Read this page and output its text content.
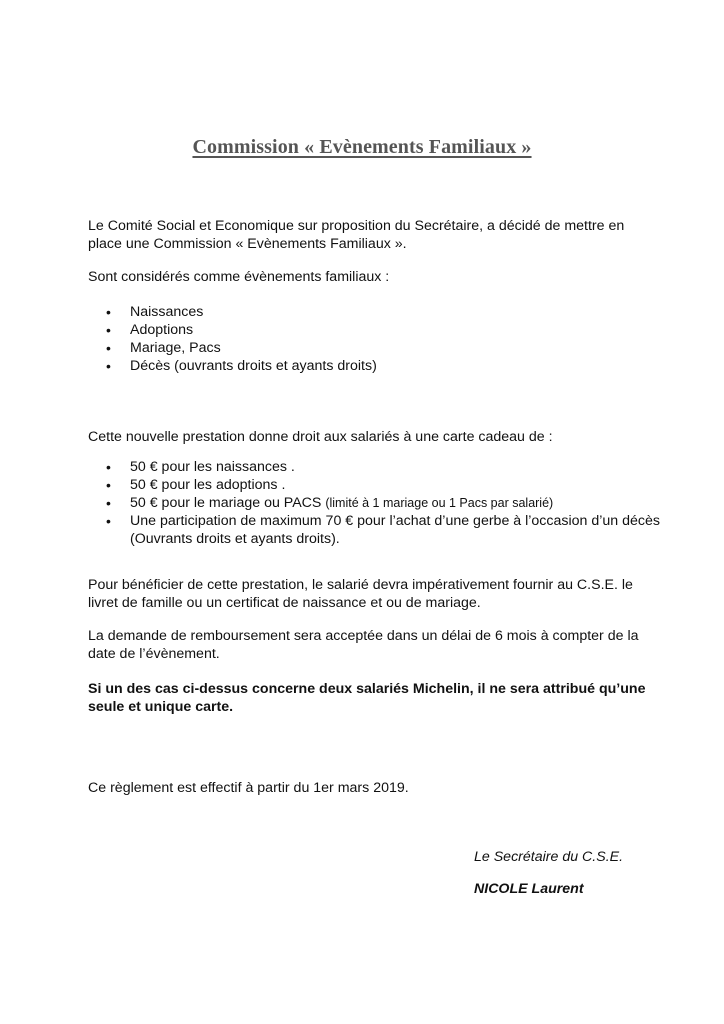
Commission « Evènements Familiaux »

Le Comité Social et Economique sur proposition du Secrétaire, a décidé de mettre en place une Commission « Evènements Familiaux ».

Sont considérés comme évènements familiaux :

• Naissances
• Adoptions
• Mariage, Pacs
• Décès (ouvrants droits et ayants droits)

Cette nouvelle prestation donne droit aux salariés à une carte cadeau de :

• 50 € pour les naissances .
• 50 € pour les adoptions .
• 50 € pour le mariage ou PACS (limité à 1 mariage ou 1 Pacs par salarié)
• Une participation de maximum 70 € pour l’achat d’une gerbe à l’occasion d’un décès (Ouvrants droits et ayants droits).

Pour bénéficier de cette prestation, le salarié devra impérativement fournir au C.S.E. le livret de famille ou un certificat de naissance et ou de mariage.

La demande de remboursement sera acceptée dans un délai de 6 mois à compter de la date de l’évènement.

Si un des cas ci-dessus concerne deux salariés Michelin, il ne sera attribué qu’une seule et unique carte.

Ce règlement est effectif à partir du 1er mars 2019.

Le Secrétaire du C.S.E.
NICOLE Laurent
